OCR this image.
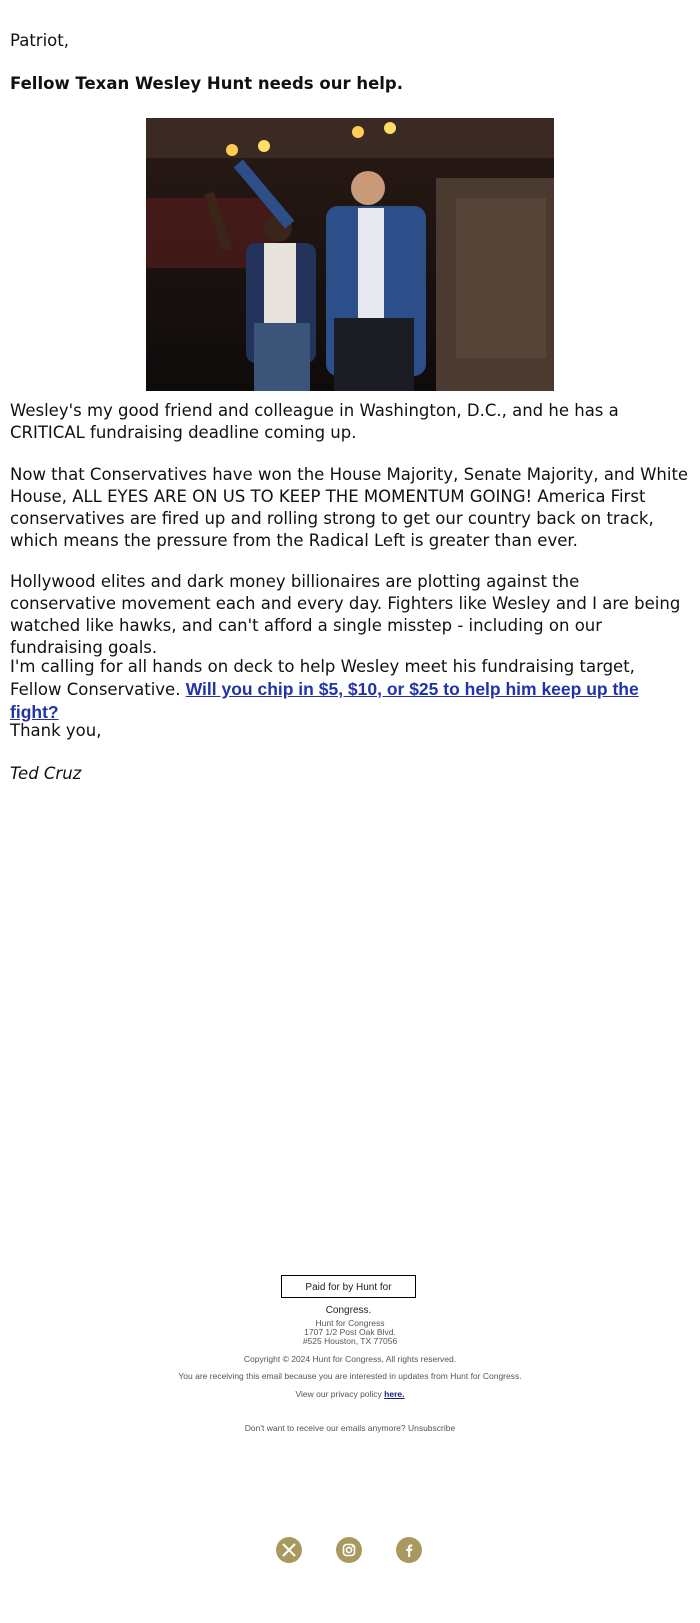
Patriot,

Fellow Texan Wesley Hunt needs our help.

Wesley's my good friend and colleague in Washington, D.C., and he has a CRITICAL fundraising deadline coming up.

Now that Conservatives have won the House Majority, Senate Majority, and White House, ALL EYES ARE ON US TO KEEP THE MOMENTUM GOING! America First conservatives are fired up and rolling strong to get our country back on track, which means the pressure from the Radical Left is greater than ever.

Hollywood elites and dark money billionaires are plotting against the conservative movement each and every day. Fighters like Wesley and I are being watched like hawks, and can't afford a single misstep - including on our fundraising goals.

I'm calling for all hands on deck to help Wesley meet his fundraising target, Fellow Conservative. Will you chip in $5, $10, or $25 to help him keep up the fight?

Thank you,

Ted Cruz

Paid for by Hunt for Congress.
Hunt for Congress
1707 1/2 Post Oak Blvd.
#525 Houston, TX 77056
Copyright © 2024 Hunt for Congress, All rights reserved.
You are receiving this email because you are interested in updates from Hunt for Congress.
View our privacy policy here.
Don't want to receive our emails anymore? Unsubscribe
